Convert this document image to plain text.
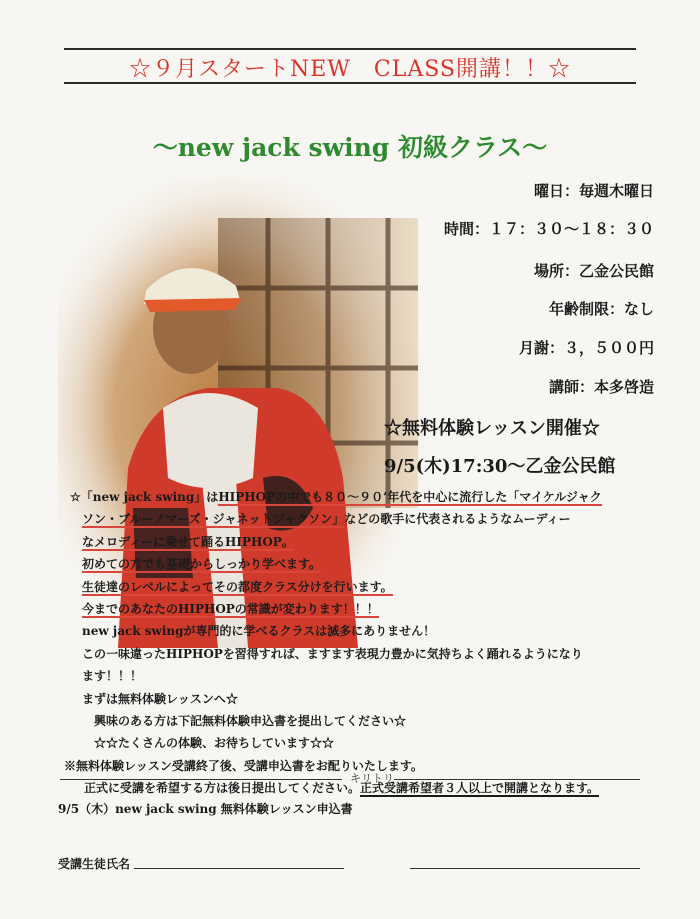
☆９月スタートNEW　CLASS開講！！☆
～new jack swing 初級クラス～
曜日：毎週木曜日
時間：１７：３０～１８：３０
場所：乙金公民館
年齢制限：なし
月謝：３，５００円
講師：本多啓造
☆無料体験レッスン開催☆
9/5(木)17:30～乙金公民館
☆「new jack swing」はHIPHOPの中でも８０～９０’年代を中心に流行した「マイケルジャク
ソン・ブルーノマーズ・ジャネットジャクソン」などの歌手に代表されるようなムーディー
なメロディーに乗せて踊るHIPHOP。
初めての方でも基礎からしっかり学べます。
生徒達のレベルによってその都度クラス分けを行います。
今までのあなたのHIPHOPの常識が変わります！！！
new jack swingが専門的に学べるクラスは滅多にありません！
この一味違ったHIPHOPを習得すれば、ますます表現力豊かに気持ちよく踊れるようになり
ます！！！
まずは無料体験レッスンへ☆
興味のある方は下記無料体験申込書を提出してください☆
☆☆たくさんの体験、お待ちしています☆☆
※無料体験レッスン受講終了後、受講申込書をお配りいたします。
正式に受講を希望する方は後日提出してください。正式受講希望者３人以上で開講となります。
キリトリ
9/5（木）new jack swing 無料体験レッスン申込書
受講生徒氏名
